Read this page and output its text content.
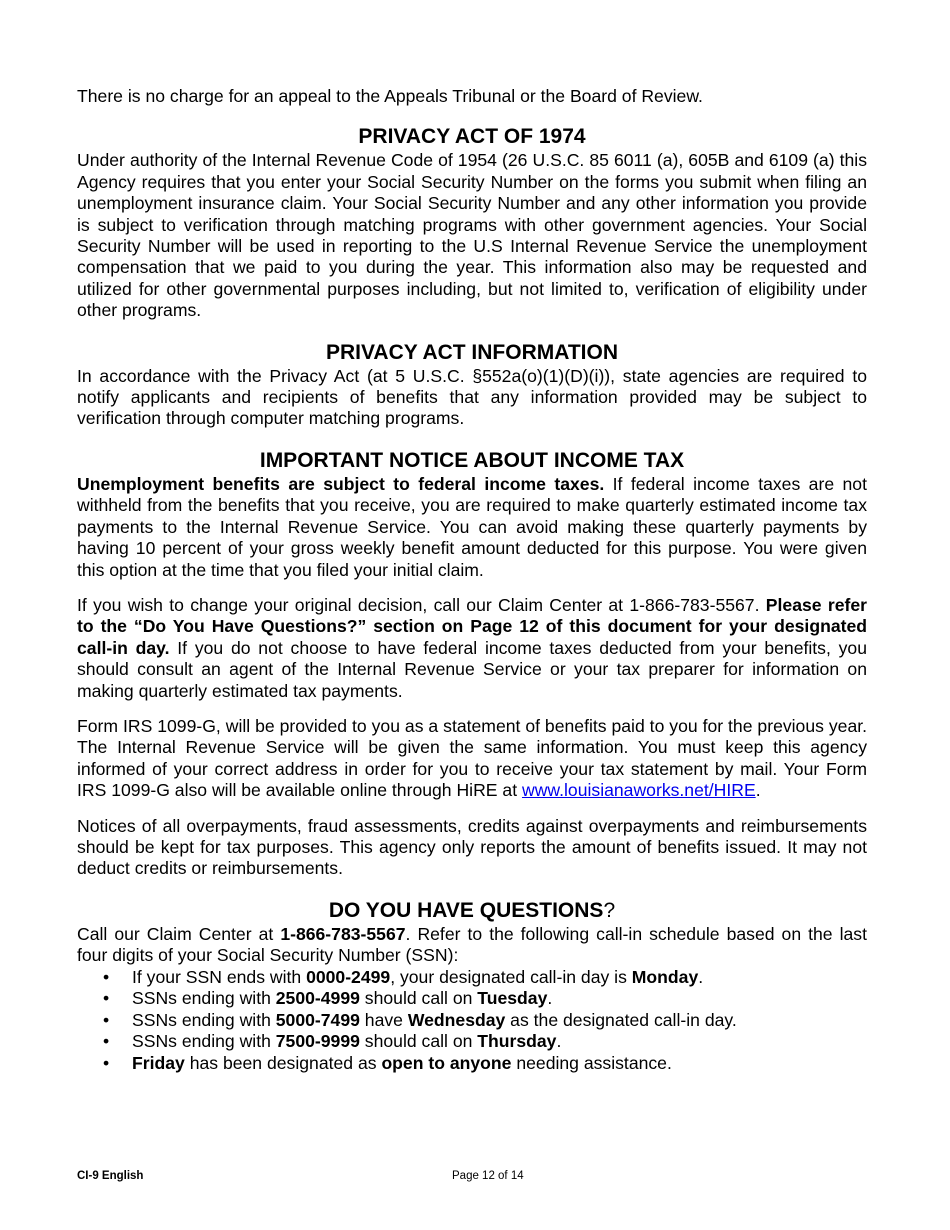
There is no charge for an appeal to the Appeals Tribunal or the Board of Review.

PRIVACY ACT OF 1974

Under authority of the Internal Revenue Code of 1954 (26 U.S.C. 85 6011 (a), 605B and 6109 (a) this Agency requires that you enter your Social Security Number on the forms you submit when filing an unemployment insurance claim. Your Social Security Number and any other information you provide is subject to verification through matching programs with other government agencies. Your Social Security Number will be used in reporting to the U.S Internal Revenue Service the unemployment compensation that we paid to you during the year. This information also may be requested and utilized for other governmental purposes including, but not limited to, verification of eligibility under other programs.

PRIVACY ACT INFORMATION

In accordance with the Privacy Act (at 5 U.S.C. §552a(o)(1)(D)(i)), state agencies are required to notify applicants and recipients of benefits that any information provided may be subject to verification through computer matching programs.

IMPORTANT NOTICE ABOUT INCOME TAX

Unemployment benefits are subject to federal income taxes. If federal income taxes are not withheld from the benefits that you receive, you are required to make quarterly estimated income tax payments to the Internal Revenue Service. You can avoid making these quarterly payments by having 10 percent of your gross weekly benefit amount deducted for this purpose. You were given this option at the time that you filed your initial claim.

If you wish to change your original decision, call our Claim Center at 1-866-783-5567. Please refer to the “Do You Have Questions?” section on Page 12 of this document for your designated call-in day. If you do not choose to have federal income taxes deducted from your benefits, you should consult an agent of the Internal Revenue Service or your tax preparer for information on making quarterly estimated tax payments.

Form IRS 1099-G, will be provided to you as a statement of benefits paid to you for the previous year. The Internal Revenue Service will be given the same information. You must keep this agency informed of your correct address in order for you to receive your tax statement by mail. Your Form IRS 1099-G also will be available online through HiRE at www.louisianaworks.net/HIRE.

Notices of all overpayments, fraud assessments, credits against overpayments and reimbursements should be kept for tax purposes. This agency only reports the amount of benefits issued. It may not deduct credits or reimbursements.

DO YOU HAVE QUESTIONS?

Call our Claim Center at 1-866-783-5567. Refer to the following call-in schedule based on the last four digits of your Social Security Number (SSN):

• If your SSN ends with 0000-2499, your designated call-in day is Monday.
• SSNs ending with 2500-4999 should call on Tuesday.
• SSNs ending with 5000-7499 have Wednesday as the designated call-in day.
• SSNs ending with 7500-9999 should call on Thursday.
• Friday has been designated as open to anyone needing assistance.
CI-9 English	Page 12 of 14
